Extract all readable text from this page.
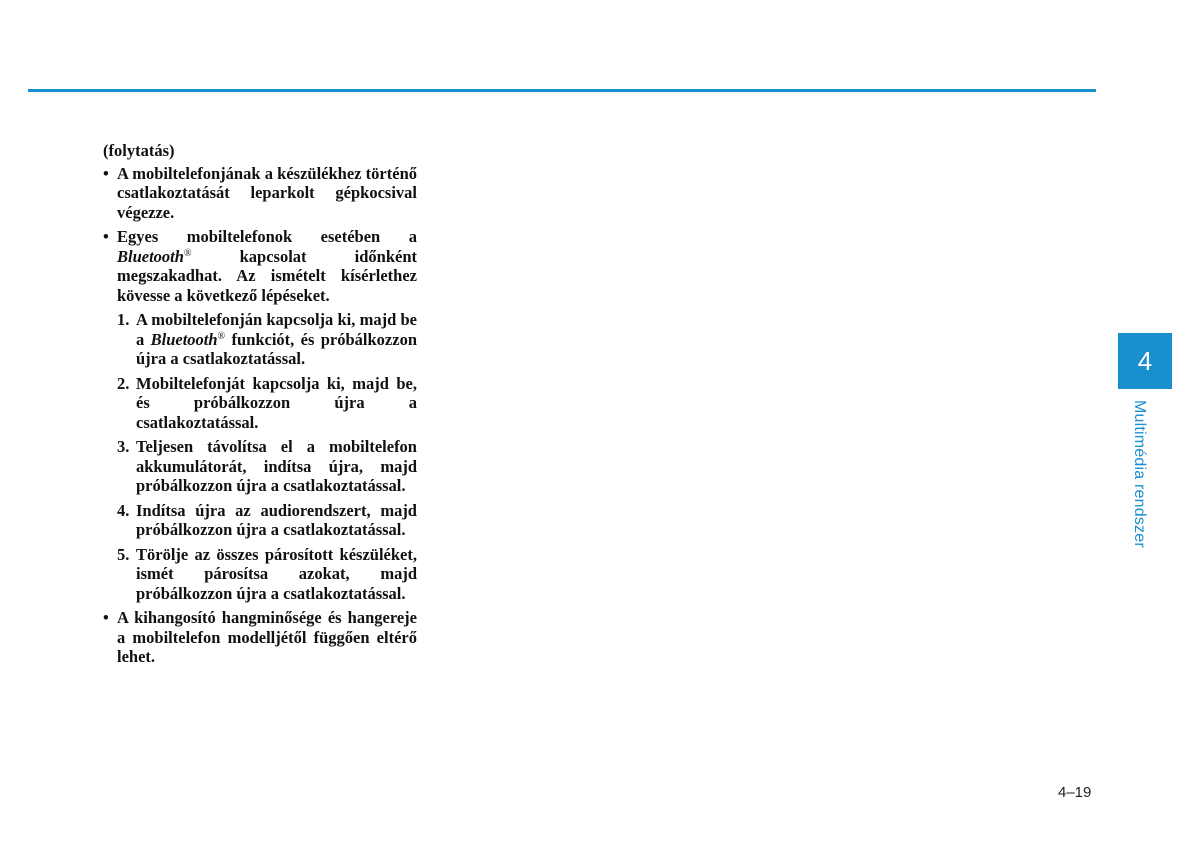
(folytatás)

• A mobiltelefonjának a készülékhez történő csatlakoztatását leparkolt gépkocsival végezze.

• Egyes mobiltelefonok esetében a Bluetooth® kapcsolat időnként megszakadhat. Az ismételt kísérlethez kövesse a következő lépéseket.

1. A mobiltelefonján kapcsolja ki, majd be a Bluetooth® funkciót, és próbálkozzon újra a csatlakoztatással.

2. Mobiltelefonját kapcsolja ki, majd be, és próbálkozzon újra a csatlakoztatással.

3. Teljesen távolítsa el a mobiltelefon akkumulátorát, indítsa újra, majd próbálkozzon újra a csatlakoztatással.

4. Indítsa újra az audiorendszert, majd próbálkozzon újra a csatlakoztatással.

5. Törölje az összes párosított készüléket, ismét párosítsa azokat, majd próbálkozzon újra a csatlakoztatással.

• A kihangosító hangminősége és hangereje a mobiltelefon modelljétől függően eltérő lehet.

4
Multimédia rendszer
4–19
